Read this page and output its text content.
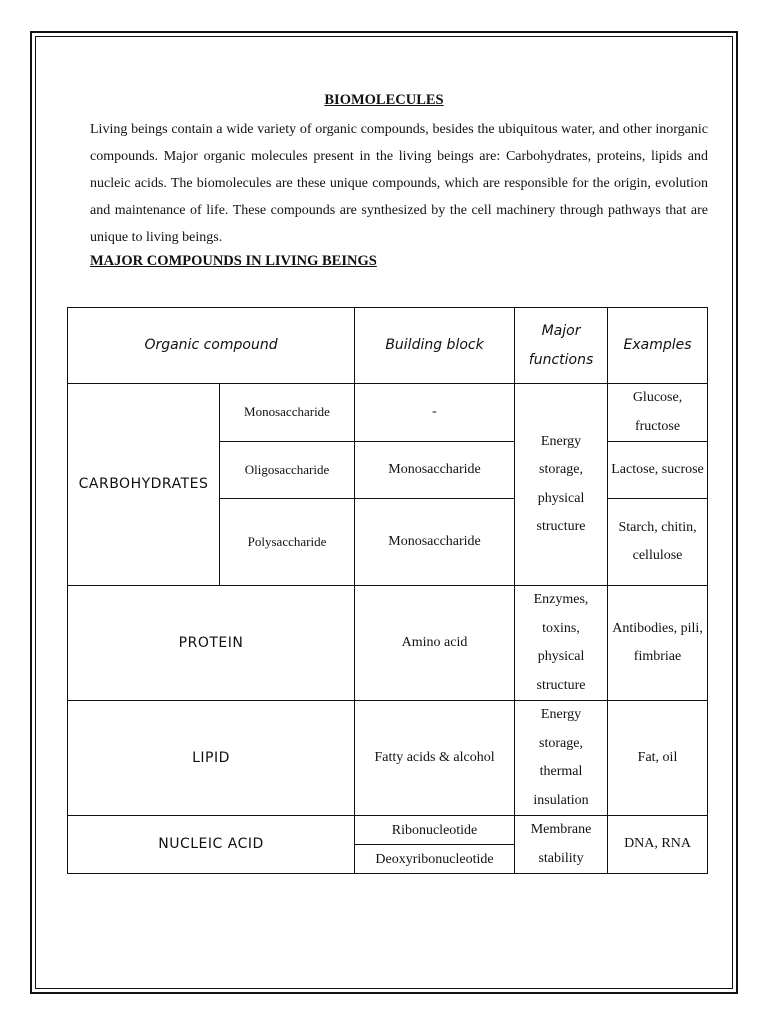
BIOMOLECULES

Living beings contain a wide variety of organic compounds, besides the ubiquitous water, and other inorganic compounds. Major organic molecules present in the living beings are: Carbohydrates, proteins, lipids and nucleic acids. The biomolecules are these unique compounds, which are responsible for the origin, evolution and maintenance of life. These compounds are synthesized by the cell machinery through pathways that are unique to living beings.

MAJOR COMPOUNDS IN LIVING BEINGS
Organic compound		Building block	Major functions	Examples
CARBOHYDRATES	Monosaccharide	-	Energy storage, physical structure	Glucose, fructose
	Oligosaccharide	Monosaccharide		Lactose, sucrose
	Polysaccharide	Monosaccharide		Starch, chitin, cellulose
PROTEIN		Amino acid	Enzymes, toxins, physical structure	Antibodies, pili, fimbriae
LIPID		Fatty acids & alcohol	Energy storage, thermal insulation	Fat, oil
NUCLEIC ACID		Ribonucleotide	Membrane stability	DNA, RNA
		Deoxyribonucleotide		
